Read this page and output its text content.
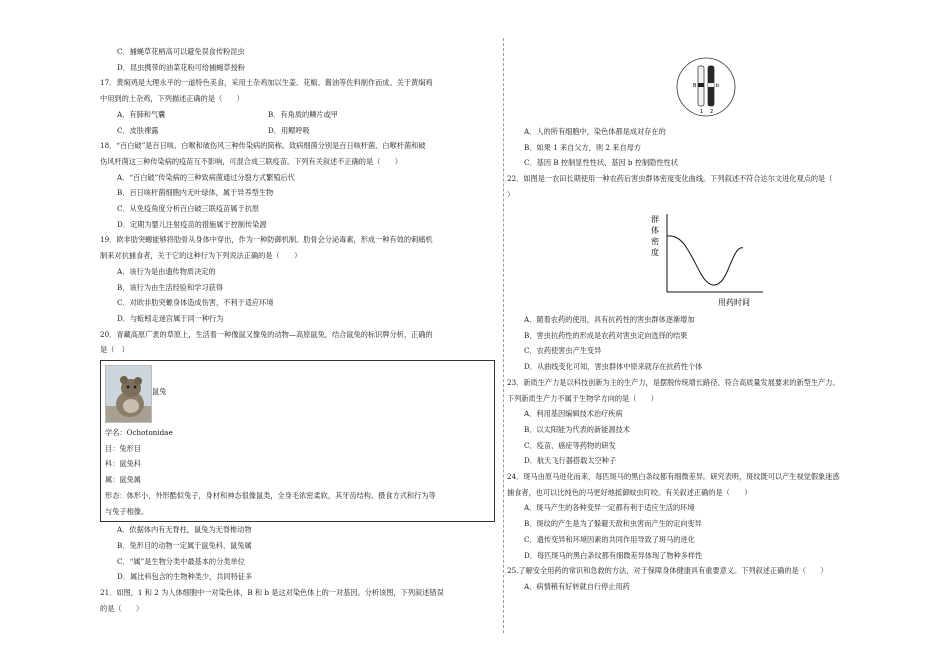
C．捕蝇草花柄高可以避免误食传粉昆虫
D．昆虫携带的油菜花粉可给捕蝇草授粉
17．黄焖鸡是大理永平的一道特色美食，采用土杂鸡加以生姜、花椒、酱油等佐料制作而成。关于黄焖鸡
中用到的土杂鸡，下列描述正确的是（　　）
A．有肺和气囊	B．有角质的鳞片或甲
C．皮肤裸露	D．用鳃呼吸
18．“百白破”是百日咳、白喉和破伤风三种传染病的简称。致病细菌分别是百日咳杆菌、白喉杆菌和破
伤风杆菌这三种传染病的疫苗互不影响，可混合成三联疫苗。下列有关叙述不正确的是（　　）
A．“百白破”传染病的三种致病菌通过分裂方式繁殖后代
B．百日咳杆菌细胞内无叶绿体，属于异养型生物
C．从免疫角度分析百白破三联疫苗属于抗原
D．定期为婴儿注射疫苗的措施属于控制传染源
19．欧非肋突螈能够将肋骨从身体中穿出，作为一种防御机制。肋骨会分泌毒素，形成一种有效的刺痛机
制来对抗捕食者，关于它的这种行为下列说法正确的是（　　）
A．该行为是由遗传物质决定的
B．该行为由生活经验和学习获得
C．对欧非肋突螈身体造成伤害，不利于适应环境
D．与蚯蚓走迷宫属于同一种行为
20．青藏高原广袤的草原上，生活着一种像鼠又像兔的动物—高原鼠兔，结合鼠兔的标识牌分析，正确的
是（　）
鼠兔
学名：Ochotonidae
目：兔形目
科：鼠兔科
属：鼠兔属
形态：体形小，外形酷似兔子，身材和神态很像鼠类，全身毛浓密柔软，其牙齿结构、摄食方式和行为等
与兔子相像。
A．依据体内有无脊柱，鼠兔为无脊椎动物
B．兔形目的动物一定属于鼠兔科、鼠兔属
C．“属”是生物分类中最基本的分类单位
D．属比科包含的生物种类少，共同特征多
21．如图，1 和 2 为人体细胞中一对染色体，B 和 b 是这对染色体上的一对基因。分析该图，下列叙述错误
的是（　　）
B	b
1 2
A．人的所有细胞中，染色体都是成对存在的
B．如果 1 来自父方，则 2 来自母方
C．基因 B 控制显性性状、基因 b 控制隐性性状
22．如图是一农田长期使用一种农药后害虫群体密度变化曲线。下列叙述不符合达尔文进化观点的是（
）
群
体
密
度
用药时间
A．随着农药的使用，具有抗药性的害虫群体逐渐增加
B．害虫抗药性的形成是农药对害虫定向选择的结果
C．农药使害虫产生变异
D．从曲线变化可知，害虫群体中原来就存在抗药性个体
23．新质生产力是以科技创新为主的生产力，是摆脱传统增长路径、符合高质量发展要求的新型生产力。
下列新质生产力不属于生物学方向的是（　　）
A．利用基因编辑技术治疗疾病
B．以太阳能为代表的新能源技术
C．疫苗、癌症等药物的研发
D．航天飞行器搭载太空种子
24．斑马由原马进化而来，每匹斑马的黑白条纹都有细微差异。研究表明，斑纹既可以产生视觉假象迷惑
捕食者，也可以比纯色的马更好地抵御蚊虫叮咬。有关叙述正确的是（　　）
A．斑马产生的各种变异一定都有利于适应生活的环境
B．斑纹的产生是为了躲避天敌和虫害而产生的定向变异
C．遗传变异和环境因素的共同作用导致了斑马的进化
D．每匹斑马的黑白条纹都有细微差异体现了物种多样性
25.了解安全用药的常识和急救的方法，对于保障身体健康具有重要意义。下列叙述正确的是（　　）
A．病情稍有好转就自行停止用药
